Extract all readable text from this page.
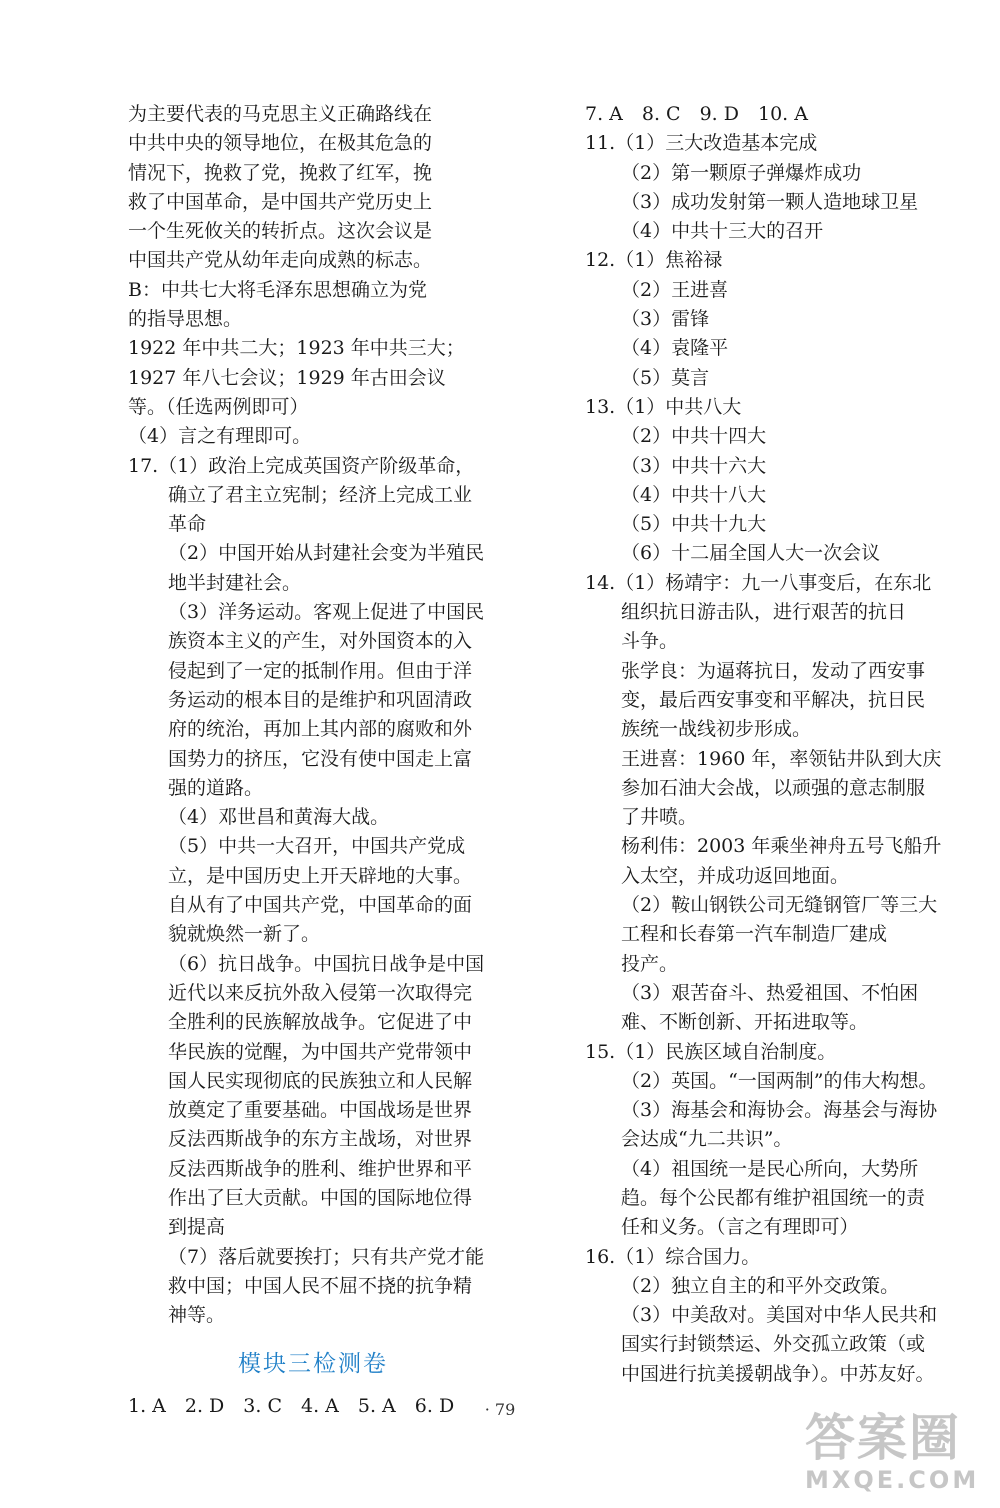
为主要代表的马克思主义正确路线在
中共中央的领导地位，在极其危急的
情况下，挽救了党，挽救了红军，挽
救了中国革命，是中国共产党历史上
一个生死攸关的转折点。这次会议是
中国共产党从幼年走向成熟的标志。
B：中共七大将毛泽东思想确立为党
的指导思想。
1922 年中共二大；1923 年中共三大；
1927 年八七会议；1929 年古田会议
等。（任选两例即可）
（4）言之有理即可。
17.（1）政治上完成英国资产阶级革命，
确立了君主立宪制；经济上完成工业
革命
（2）中国开始从封建社会变为半殖民
地半封建社会。
（3）洋务运动。客观上促进了中国民
族资本主义的产生，对外国资本的入
侵起到了一定的抵制作用。但由于洋
务运动的根本目的是维护和巩固清政
府的统治，再加上其内部的腐败和外
国势力的挤压，它没有使中国走上富
强的道路。
（4）邓世昌和黄海大战。
（5）中共一大召开，中国共产党成
立，是中国历史上开天辟地的大事。
自从有了中国共产党，中国革命的面
貌就焕然一新了。
（6）抗日战争。中国抗日战争是中国
近代以来反抗外敌入侵第一次取得完
全胜利的民族解放战争。它促进了中
华民族的觉醒，为中国共产党带领中
国人民实现彻底的民族独立和人民解
放奠定了重要基础。中国战场是世界
反法西斯战争的东方主战场，对世界
反法西斯战争的胜利、维护世界和平
作出了巨大贡献。中国的国际地位得
到提高
（7）落后就要挨打；只有共产党才能
救中国；中国人民不屈不挠的抗争精
神等。
模块三检测卷
1. A　2. D　3. C　4. A　5. A　6. D
7. A　8. C　9. D　10. A
11.（1）三大改造基本完成
（2）第一颗原子弹爆炸成功
（3）成功发射第一颗人造地球卫星
（4）中共十三大的召开
12.（1）焦裕禄
（2）王进喜
（3）雷锋
（4）袁隆平
（5）莫言
13.（1）中共八大
（2）中共十四大
（3）中共十六大
（4）中共十八大
（5）中共十九大
（6）十二届全国人大一次会议
14.（1）杨靖宇：九一八事变后，在东北
组织抗日游击队，进行艰苦的抗日
斗争。
张学良：为逼蒋抗日，发动了西安事
变，最后西安事变和平解决，抗日民
族统一战线初步形成。
王进喜：1960 年，率领钻井队到大庆
参加石油大会战，以顽强的意志制服
了井喷。
杨利伟：2003 年乘坐神舟五号飞船升
入太空，并成功返回地面。
（2）鞍山钢铁公司无缝钢管厂等三大
工程和长春第一汽车制造厂建成
投产。
（3）艰苦奋斗、热爱祖国、不怕困
难、不断创新、开拓进取等。
15.（1）民族区域自治制度。
（2）英国。“一国两制”的伟大构想。
（3）海基会和海协会。海基会与海协
会达成“九二共识”。
（4）祖国统一是民心所向，大势所
趋。每个公民都有维护祖国统一的责
任和义务。（言之有理即可）
16.（1）综合国力。
（2）独立自主的和平外交政策。
（3）中美敌对。美国对中华人民共和
国实行封锁禁运、外交孤立政策（或
中国进行抗美援朝战争）。中苏友好。
· 79	答案圈
MXQE.COM
